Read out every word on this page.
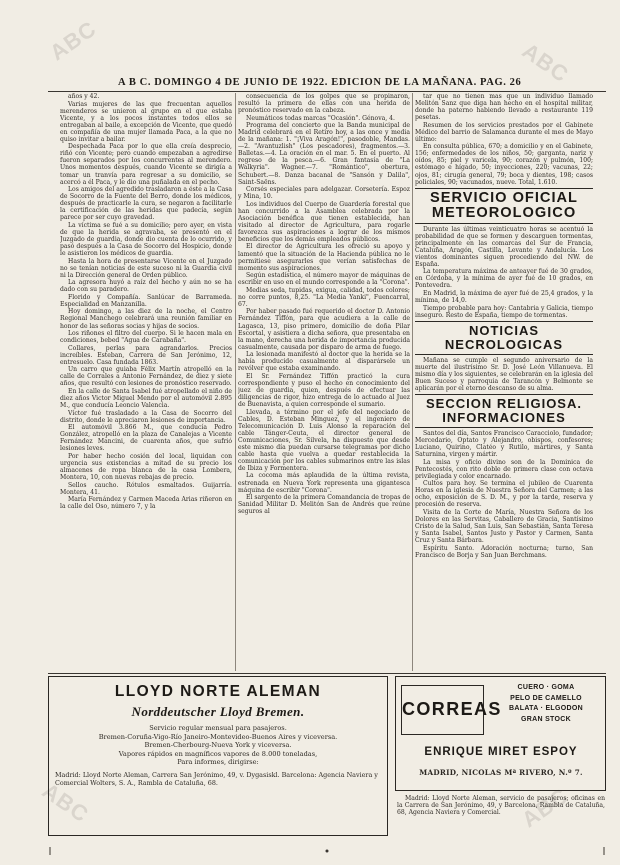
ABC	ABC
ABC	ABC
A B C. DOMINGO 4 DE JUNIO DE 1922. EDICION DE LA MAÑANA. PAG. 26

años y 42.

Varias mujeres de las que frecuentan aquellos merenderos se unieron al grupo en el que estaba Vicente, y a los pocos instantes todos ellos se entregaban al baile, a excepción de Vicente, que quedó en compañía de una mujer llamada Paca, a la que no quiso invitar a bailar.

Despechada Paca por lo que ella creía desprecio, riñó con Vicente; pero cuando empezaban a agredirse fueron separados por los concurrentes al merendero. Unos momentos después, cuando Vicente se dirigía a tomar un tranvía para regresar a su domicilio, se acercó a él Paca, y le dio una puñalada en el pecho.

Los amigos del agredido trasladaron a éste a la Casa de Socorro de la Fuente del Berro, donde los médicos, después de practicarle la cura, se negaron a facilitarle la certificación de las heridas que padecía, según parece por ser cuyo gravedad.

La víctima se fué a su domicilio; pero ayer, en vista de que la herida se agravaba, se presentó en el Juzgado de guardia, donde dio cuenta de lo ocurrido, y pasó después a la Casa de Socorro del Hospicio, donde le asistieron los médicos de guardia.

Hasta la hora de presentarse Vicente en el Juzgado no se tenían noticias de este suceso ni la Guardia civil ni la Dirección general de Orden público.

La agresora huyó a raíz del hecho y aún no se ha dado con su paradero.

Florido y Compañía. Sanlúcar de Barrameda. Especialidad en Manzanilla.

Hoy domingo, a las diez de la noche, el Centro Regional Manchego celebrará una reunión familiar en honor de las señoras socias y hijas de socios.

Los riñones el filtro del cuerpo. Si le hacen mala en condiciones, bebed "Agua de Carabaña".

Collares, perlas para agrandarlos. Precios increíbles. Esteban, Carrera de San Jerónimo, 12, entresuelo. Casa fundada 1863.

Un carro que guiaba Félix Martín atropelló en la calle de Corrales a Antonio Fernández, de diez y siete años, que resultó con lesiones de pronóstico reservado.

En la calle de Santa Isabel fué atropellado el niño de diez años Victor Miguel Mendo por el automóvil 2.895 M., que conducía Leoncio Valencia.

Víctor fué trasladado a la Casa de Socorro del distrito, donde le apreciaron lesiones de importancia.

El automóvil 3.866 M., que conducía Pedro González, atropelló en la plaza de Canalejas a Vicente Fernández Mancini, de cuarenta años, que sufrió lesiones leves.

Por haber hecho cosión del local, liquidan con urgencia sus existencias a mitad de su precio los almacenes de ropa blanca de la casa Lombera, Montera, 10, con nuevas rebajas de precio.

Sellos caucho. Rótulos esmaltados. Guijarría. Montera, 41.

María Fernández y Carmen Maceda Arias riñeron en la calle del Oso, número 7, y la

consecuencia de los golpes que se propinaron, resultó la primera de ellas con una herida de pronóstico reservado en la cabeza.

Neumáticos todas marcas "Ocasión". Génova, 4.

Programa del concierto que la Banda municipal de Madrid celebrará en el Retiro hoy, a las once y media de la mañana: 1. "¡Viva Aragón!", pasodoble, Mandas.—2. "Avantuzlish" (Los pescadores), fragmentos.—3. Balletas.—4. La oración en el mar. 5. En el puerto. Al regreso de la pesca.—6. Gran fantasía de "La Walkyria". Wagner.—7. "Romántico", obertura, Schubert.—8. Danza bacanal de "Sansón y Dalila", Saint-Saëns.

Corsés especiales para adelgazar. Corsetería. Espoz y Mina, 10.

Los individuos del Cuerpo de Guardería forestal que han concurrido a la Asamblea celebrada por la Asociación benéfica que tienen establecida, han visitado al director de Agricultura, para rogarle favorezca sus aspiraciones a lograr de los mismos beneficios que los demás empleados públicos.

El director de Agricultura les ofreció su apoyo y lamentó que la situación de la Hacienda pública no le permitiese asegurarles que verían satisfechas de momento sus aspiraciones.

Según estadística, el número mayor de máquinas de escribir en uso en el mundo corresponde a la "Corona".

Medias seda, tupidas, exigua, calidad, todos colores; no corre puntos, 8,25. "La Media Yanki", Fuencarral, 67.

Por haber pasado fué requerido el doctor D. Antonio Fernández Tiffón, para que acudiera a la calle de Lagasca, 13, piso primero, domicilio de doña Pilar Escortal, y asistiera a dicha señora, que presentaba en la mano, derecha una herida de importancia producida casualmente, causada por disparo de arma de fuego.

La lesionada manifestó al doctor que la herida se la había producido casualmente al disparársele un revólver que estaba examinando.

El Sr. Fernández Tiffón practicó la cura correspondiente y puso el hecho en conocimiento del juez de guardia, quien, después de efectuar las diligencias de rigor, hizo entrega de lo actuado al Juez de Buenavista, a quien corresponde el sumario.

Llevada, a término por el jefe del negociado de Cables, D. Esteban Minguez, y el ingeniero de Telecomunicación D. Luis Alonso la reparación del cable Tánger-Ceuta, el director general de Comunicaciones, Sr. Silvela, ha dispuesto que desde este mismo día puedan cursarse telegramas por dicho cable hasta que vuelva a quedar restablecida la comunicación por los cables submarinos entre las islas de Ibiza y Formentera.

La cocoma más aplaudida de la última revista, estrenada en Nueva York representa una gigantesca máquina de escribir "Corona".

El sargento de la primera Comandancia de tropas de Sanidad Militar D. Melitón San de Andrés que reúne seguros al

tar que no tienen mas que un individuo llamado Melitón Sanz que diga han hecho en el hospital militar, donde ha paterno habiendo llevado a restaurante 119 pesetas.

Resumen de los servicios prestados por el Gabinete Médico del barrio de Salamanca durante el mes de Mayo último:

En consulta pública, 670; a domicilio y en el Gabinete, 156; enfermedades de los niños, 50; garganta, nariz y oídos, 85; piel y varicela, 90; corazón y pulmón, 100; estómago e hígado, 50; inyecciones, 220; vacunas, 22; ojos, 81; cirugía general, 79; boca y dientes, 198; casos policiales, 90; vacunados, nueve. Total, 1.610.

SERVICIO OFICIAL
METEOROLOGICO

Durante las últimas veinticuatro horas se acentuó la probabilidad de que se formen y descarguen tormentas, principalmente en las comarcas del Sur de Francia, Cataluña, Aragón, Castilla, Levante y Andalucía. Los vientos dominantes siguen procediendo del NW. de España.

La temperatura máxima de anteayer fué de 30 grados, en Córdoba, y la mínima de ayer fué de 10 grados, en Pontevedra.

En Madrid, la máxima de ayer fué de 25,4 grados, y la mínima, de 14,0.

Tiempo probable para hoy: Cantabria y Galicia, tiempo inseguro. Resto de España, tiempo de tormentas.

NOTICIAS
NECROLOGICAS

Mañana se cumple el segundo aniversario de la muerte del ilustrísimo Sr. D. José León Villanueva. El mismo día y los siguientes, se celebrarán en la iglesia del Buen Suceso y parroquia de Tarancón y Belmonte se aplicarán por el eterno descanso de su alma.

SECCION RELIGIOSA.
INFORMACIONES

Santos del día, Santos Francisco Caracciolo, fundador; Mercedario, Optato y Alejandro, obispos, confesores; Luciano, Quirino, Clatéo y Rutilo, mártires, y Santa Saturnina, virgen y mártir.

La misa y oficio divino son de la Dominica de Pentecostés, con rito doble de primera clase con octava privilegiada y color encarnado.

Cultos para hoy. Se termina el jubileo de Cuarenta Horas en la iglesia de Nuestra Señora del Carmen; a las ocho, exposición de S. D. M., y por la tarde, reserva y procesión de reserva.

Visita de la Corte de María, Nuestra Señora de los Dolores en las Servitas, Caballero de Gracia, Santísimo Cristo de la Salud, San Luis, San Sebastián, Santa Teresa y Santa Isabel, Santos Justo y Pastor y Carmen, Santa Cruz y Santa Bárbara.

Espíritu Santo. Adoración nocturna; turno, San Francisco de Borja y San Juan Berchmans.

LLOYD NORTE ALEMAN
Norddeutscher Lloyd Bremen.
Servicio regular mensual para pasajeros.
Bremen-Coruña-Vigo-Río Janeiro-Montevideo-Buenos Aires y viceversa.
Bremen-Cherbourg-Nueva York y viceversa.
Vapores rápidos en magníficos vapores de 8.000 toneladas,
Para informes, dirigirse:
Madrid: Lloyd Norte Aleman, Carrera San Jerónimo, 49, v. Dygasiskl. Barcelona: Agencia Naviera y Comercial Wolters, S. A., Rambla de Cataluña, 68.
CORREAS
CUERO · GOMA
PELO DE CAMELLO
BALATA · ELGODON
GRAN STOCK
ENRIQUE MIRET ESPOY
MADRID, NICOLAS Mª RIVERO, N.º 7.

Madrid: Lloyd Norte Aleman, servicio de pasajeros; oficinas en la Carrera de San Jerónimo, 49, y Barcelona, Rambla de Cataluña, 68, Agencia Naviera y Comercial.
